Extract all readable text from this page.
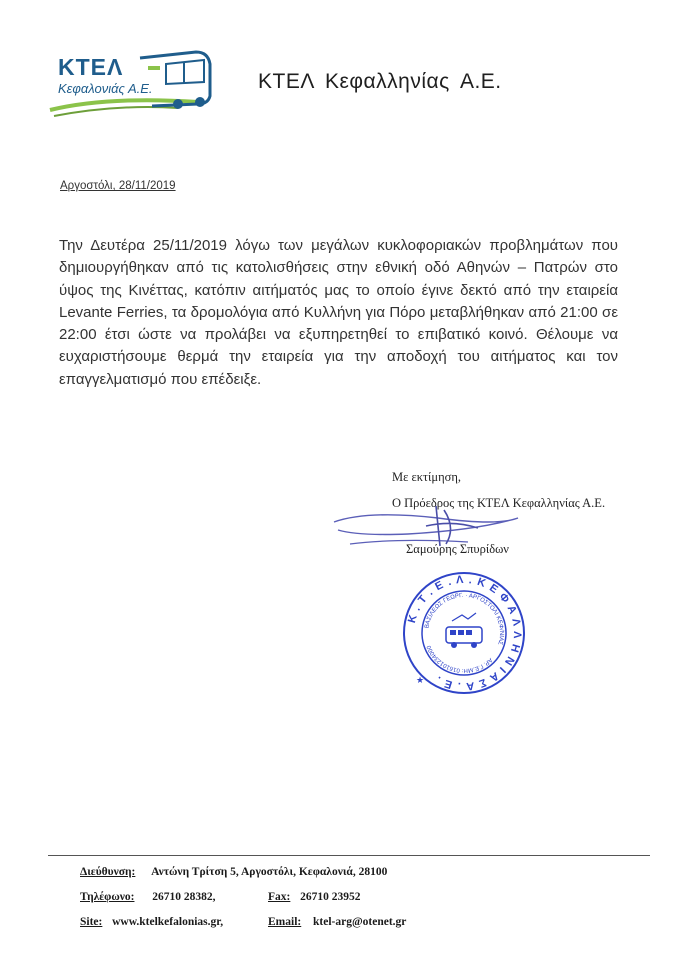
ΚΤΕΛ
Κεφαλονιάς Α.Ε.	ΚΤΕΛ Κεφαλληνίας Α.Ε.
Αργοστόλι, 28/11/2019

Την Δευτέρα 25/11/2019 λόγω των μεγάλων κυκλοφοριακών προβλημάτων που δημιουργήθηκαν από τις κατολισθήσεις στην εθνική οδό Αθηνών – Πατρών στο ύψος της Κινέττας, κατόπιν αιτήματός μας το οποίο έγινε δεκτό από την εταιρεία Levante Ferries, τα δρομολόγια από Κυλλήνη για Πόρο μεταβλήθηκαν από 21:00 σε 22:00 έτσι ώστε να προλάβει να εξυπηρετηθεί το επιβατικό κοινό. Θέλουμε να ευχαριστήσουμε θερμά την εταιρεία για την αποδοχή του αιτήματος και τον επαγγελματισμό που επέδειξε.

Με εκτίμηση,
Ο Πρόεδρος της ΚΤΕΛ Κεφαλληνίας Α.Ε.
Σαμούρης Σπυρίδων
Κ . Τ . Ε . Λ . Κ Ε Φ Α Λ Λ Η Ν Ι Α Σ Α . Ε .
ΒΑΣΙΛΕΩΣ ΓΕΩΡΓ. · ΑΡΓΟΣΤΟΛΙ ΚΕΦ/ΝΙΑΣ
ΑΡ. Γ.Ε.ΜΗ: 016101234000
★
Διεύθυνση: Αντώνη Τρίτση 5, Αργοστόλι, Κεφαλονιά, 28100
Τηλέφωνο: 26710 28382,	Fax: 26710 23952
Site: www.ktelkefalonias.gr,	Email: ktel-arg@otenet.gr
